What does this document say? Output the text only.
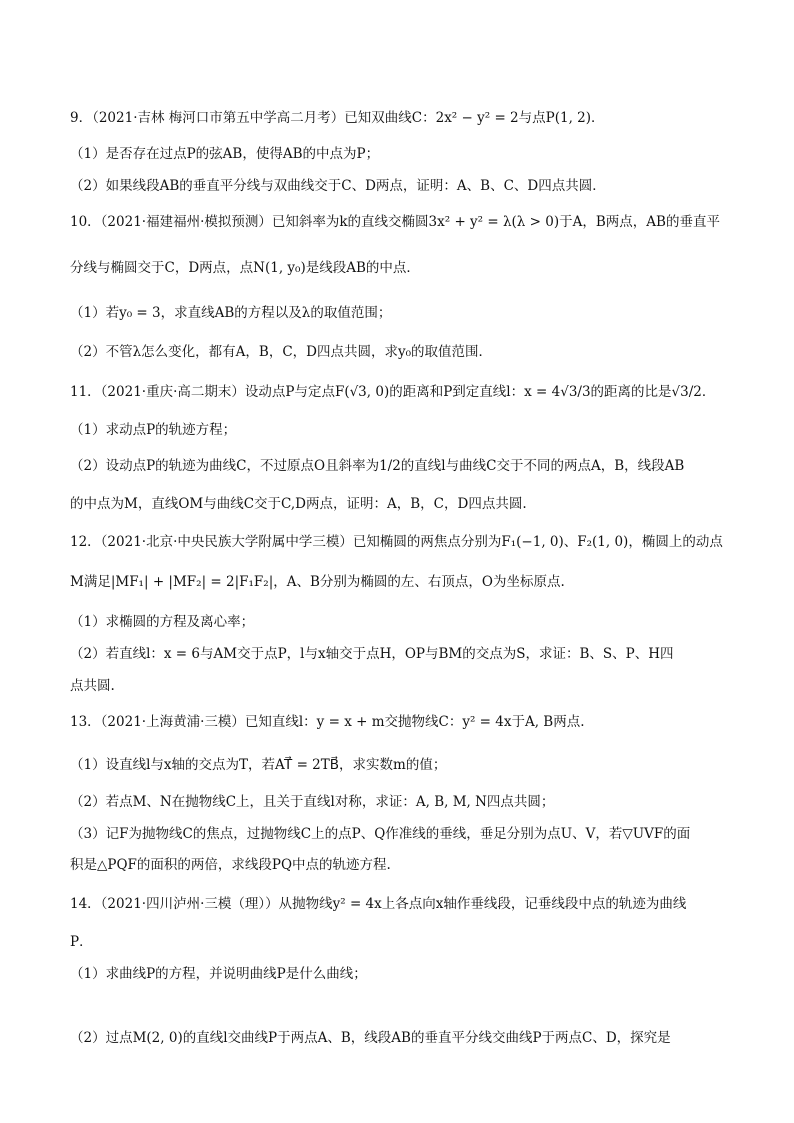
9．（2021·吉林 梅河口市第五中学高二月考）已知双曲线C：2x² − y² = 2与点P(1, 2)．
（1）是否存在过点P的弦AB，使得AB的中点为P；
（2）如果线段AB的垂直平分线与双曲线交于C、D两点，证明：A、B、C、D四点共圆．
10．（2021·福建福州·模拟预测）已知斜率为k的直线交椭圆3x² + y² = λ(λ > 0)于A，B两点，AB的垂直平
分线与椭圆交于C，D两点，点N(1, y₀)是线段AB的中点．
（1）若y₀ = 3，求直线AB的方程以及λ的取值范围；
（2）不管λ怎么变化，都有A，B，C，D四点共圆，求y₀的取值范围．
11．（2021·重庆·高二期末）设动点P与定点F(√3, 0)的距离和P到定直线l：x = 4√3/3的距离的比是√3/2．
（1）求动点P的轨迹方程；
（2）设动点P的轨迹为曲线C，不过原点O且斜率为1/2的直线l与曲线C交于不同的两点A，B，线段AB
的中点为M，直线OM与曲线C交于C,D两点，证明：A，B，C，D四点共圆.
12．（2021·北京·中央民族大学附属中学三模）已知椭圆的两焦点分别为F₁(−1, 0)、F₂(1, 0)，椭圆上的动点
M满足|MF₁| + |MF₂| = 2|F₁F₂|，A、B分别为椭圆的左、右顶点，O为坐标原点.
（1）求椭圆的方程及离心率；
（2）若直线l：x = 6与AM交于点P，l与x轴交于点H，OP与BM的交点为S，求证：B、S、P、H四
点共圆.
13．（2021·上海黄浦·三模）已知直线l：y = x + m交抛物线C：y² = 4x于A, B两点.
（1）设直线l与x轴的交点为T，若AT⃗ = 2TB⃗，求实数m的值；
（2）若点M、N在抛物线C上，且关于直线l对称，求证：A, B, M, N四点共圆；
（3）记F为抛物线C的焦点，过抛物线C上的点P、Q作准线的垂线，垂足分别为点U、V，若▽UVF的面
积是△PQF的面积的两倍，求线段PQ中点的轨迹方程.
14．（2021·四川泸州·三模（理））从抛物线y² = 4x上各点向x轴作垂线段，记垂线段中点的轨迹为曲线
P．
（1）求曲线P的方程，并说明曲线P是什么曲线；
（2）过点M(2, 0)的直线l交曲线P于两点A、B，线段AB的垂直平分线交曲线P于两点C、D，探究是
